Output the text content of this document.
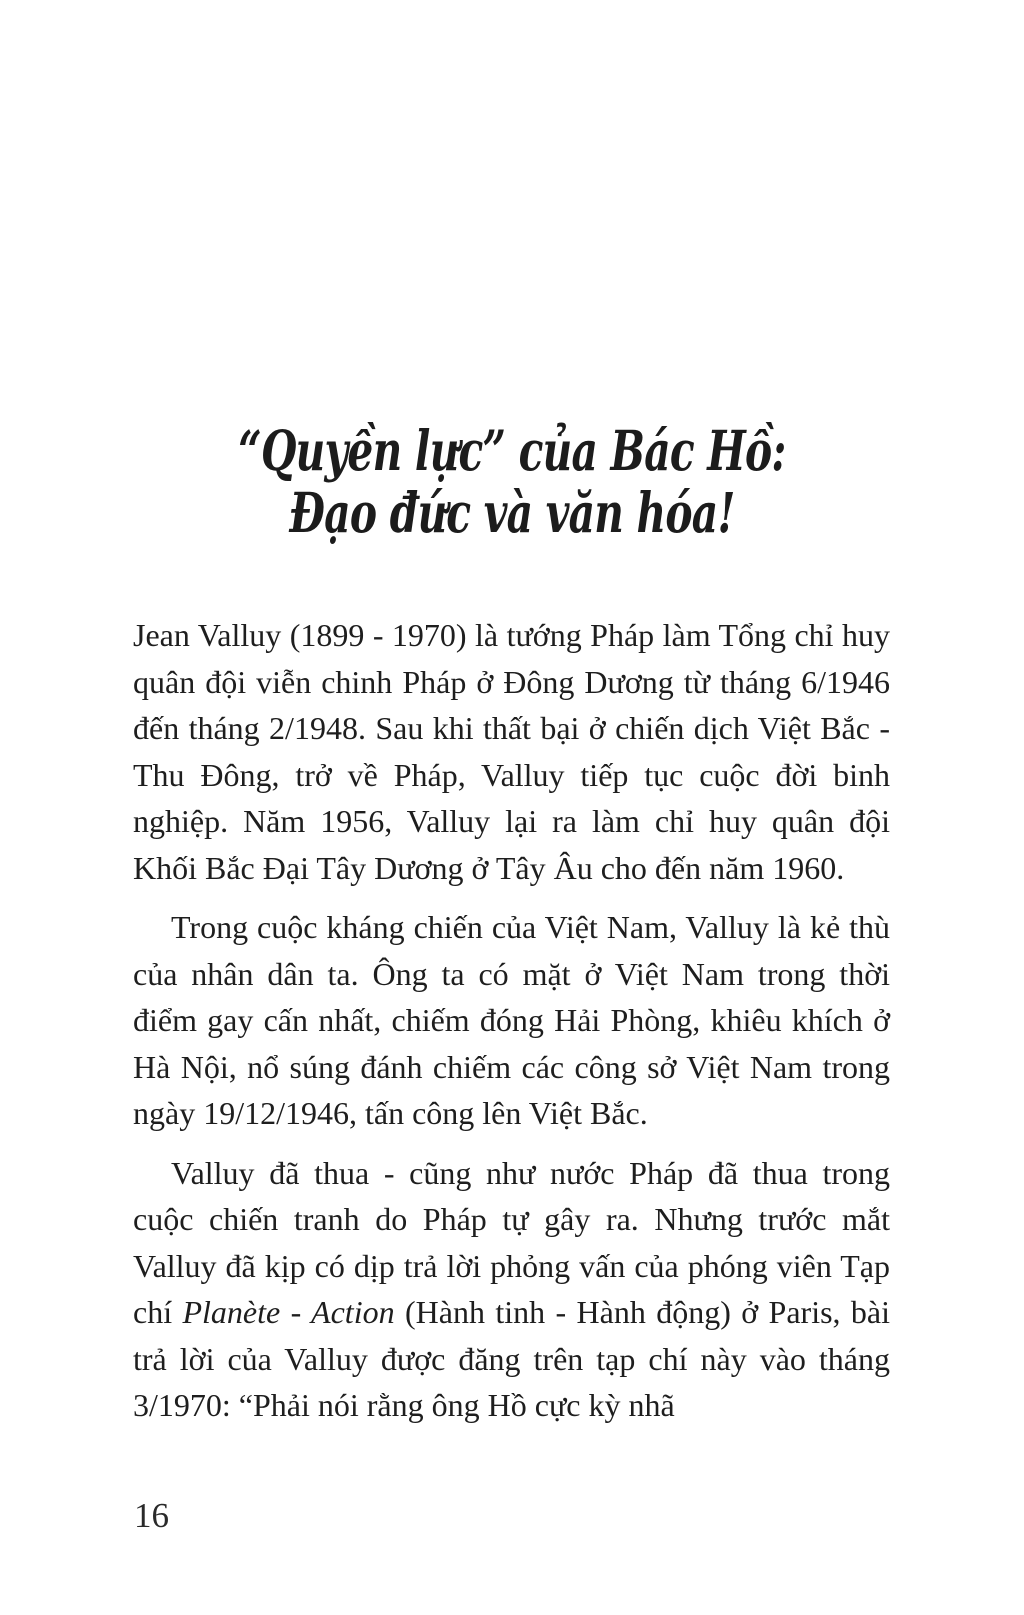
“Quyền lực” của Bác Hồ:
Đạo đức và văn hóa!

Jean Valluy (1899 - 1970) là tướng Pháp làm Tổng chỉ huy quân đội viễn chinh Pháp ở Đông Dương từ tháng 6/1946 đến tháng 2/1948. Sau khi thất bại ở chiến dịch Việt Bắc - Thu Đông, trở về Pháp, Valluy tiếp tục cuộc đời binh nghiệp. Năm 1956, Valluy lại ra làm chỉ huy quân đội Khối Bắc Đại Tây Dương ở Tây Âu cho đến năm 1960.

Trong cuộc kháng chiến của Việt Nam, Valluy là kẻ thù của nhân dân ta. Ông ta có mặt ở Việt Nam trong thời điểm gay cấn nhất, chiếm đóng Hải Phòng, khiêu khích ở Hà Nội, nổ súng đánh chiếm các công sở Việt Nam trong ngày 19/12/1946, tấn công lên Việt Bắc.

Valluy đã thua - cũng như nước Pháp đã thua trong cuộc chiến tranh do Pháp tự gây ra. Nhưng trước mắt Valluy đã kịp có dịp trả lời phỏng vấn của phóng viên Tạp chí Planète - Action (Hành tinh - Hành động) ở Paris, bài trả lời của Valluy được đăng trên tạp chí này vào tháng 3/1970: “Phải nói rằng ông Hồ cực kỳ nhã

16
